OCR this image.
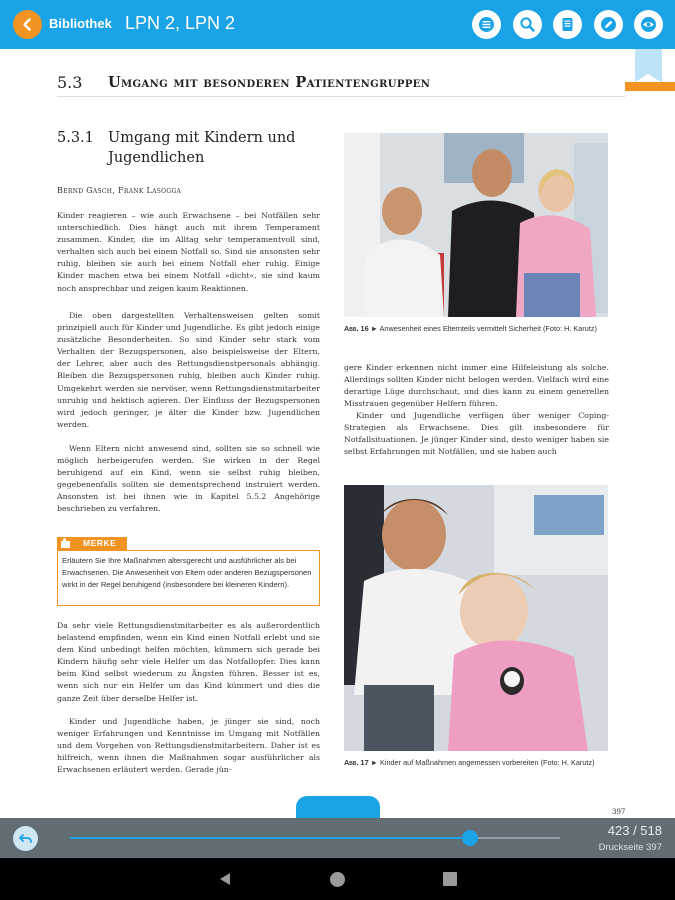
Bibliothek LPN 2, LPN 2
5.3 Umgang mit besonderen Patientengruppen
5.3.1 Umgang mit Kindern und Jugendlichen
Bernd Gasch, Frank Lasogga

Kinder reagieren – wie auch Erwachsene – bei Notfällen sehr unterschiedlich. Dies hängt auch mit ihrem Temperament zusammen. Kinder, die im Alltag sehr temperamentvoll sind, verhalten sich auch bei einem Notfall so. Sind sie ansonsten sehr ruhig, bleiben sie auch bei einem Notfall eher ruhig. Einige Kinder machen etwa bei einem Notfall »dicht«, sie sind kaum noch ansprechbar und zeigen kaum Reaktionen.

Die oben dargestellten Verhaltensweisen gelten somit prinzipiell auch für Kinder und Jugendliche. Es gibt jedoch einige zusätzliche Besonderheiten. So sind Kinder sehr stark vom Verhalten der Bezugspersonen, also beispielsweise der Eltern, der Lehrer, aber auch des Rettungsdienstpersonals abhängig. Bleiben die Bezugspersonen ruhig, bleiben auch Kinder ruhig. Umgekehrt werden sie nervöser, wenn Rettungsdienstmitarbeiter unruhig und hektisch agieren. Der Einfluss der Bezugspersonen wird jedoch geringer, je älter die Kinder bzw. Jugendlichen werden.

Wenn Eltern nicht anwesend sind, sollten sie so schnell wie möglich herbeigerufen werden. Sie wirken in der Regel beruhigend auf ein Kind, wenn sie selbst ruhig bleiben, gegebenenfalls sollten sie dementsprechend instruiert werden. Ansonsten ist bei ihnen wie in Kapitel 5.5.2 Angehörige beschrieben zu verfahren.

MERKE

Erläutern Sie Ihre Maßnahmen altersgerecht und ausführlicher als bei Erwachsenen. Die Anwesenheit von Eltern oder anderen Bezugspersonen wirkt in der Regel beruhigend (insbesondere bei kleineren Kindern).

Da sehr viele Rettungsdienstmitarbeiter es als außerordentlich belastend empfinden, wenn ein Kind einen Notfall erlebt und sie dem Kind unbedingt helfen möchten, kümmern sich gerade bei Kindern häufig sehr viele Helfer um das Notfallopfer. Dies kann beim Kind selbst wiederum zu Ängsten führen. Besser ist es, wenn sich nur ein Helfer um das Kind kümmert und dies die ganze Zeit über derselbe Helfer ist.

Kinder und Jugendliche haben, je jünger sie sind, noch weniger Erfahrungen und Kenntnisse im Umgang mit Notfällen und dem Vorgehen von Rettungsdienstmitarbeitern. Daher ist es hilfreich, wenn ihnen die Maßnahmen sogar ausführlicher als Erwachsenen erläutert werden. Gerade jün-

Abb. 16 ► Anwesenheit eines Elternteils vermittelt Sicherheit (Foto: H. Karutz)

gere Kinder erkennen nicht immer eine Hilfeleistung als solche. Allerdings sollten Kinder nicht belogen werden. Vielfach wird eine derartige Lüge durchschaut, und dies kann zu einem generellen Misstrauen gegenüber Helfern führen.

Kinder und Jugendliche verfügen über weniger Coping-Strategien als Erwachsene. Dies gilt insbesondere für Notfallsituationen. Je jünger Kinder sind, desto weniger haben sie selbst Erfahrungen mit Notfällen, und sie haben auch

Abb. 17 ► Kinder auf Maßnahmen angemessen vorbereiten (Foto: H. Karutz)

397
423 / 518
Druckseite 397
